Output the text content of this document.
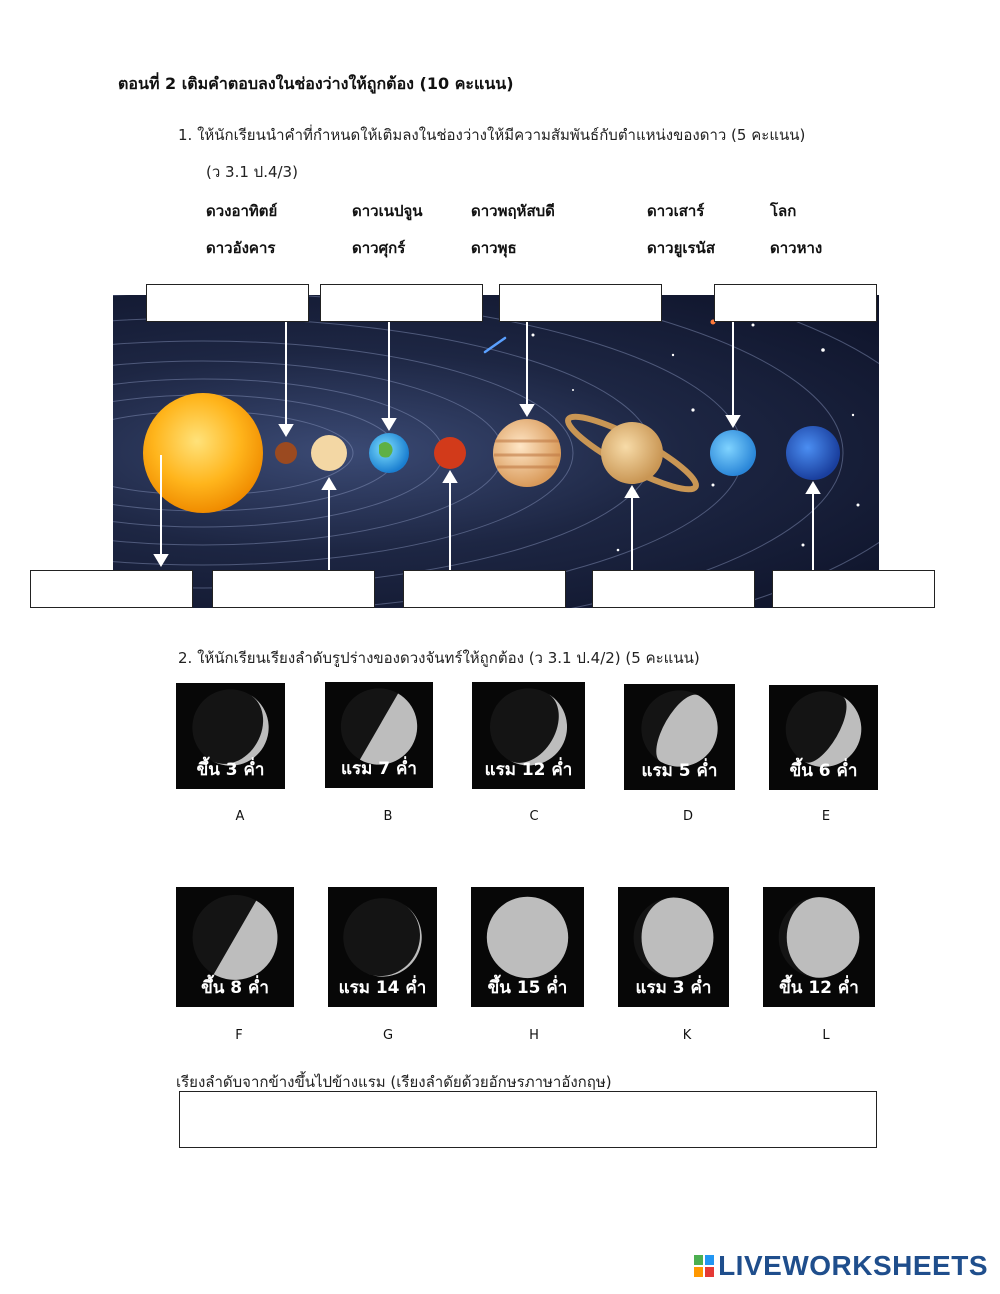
ตอนที่ 2 เติมคำตอบลงในช่องว่างให้ถูกต้อง (10 คะแนน)
1. ให้นักเรียนนำคำที่กำหนดให้เติมลงในช่องว่างให้มีความสัมพันธ์กับตำแหน่งของดาว (5 คะแนน)
(ว 3.1 ป.4/3)
ดวงอาทิตย์	ดาวเนปจูน	ดาวพฤหัสบดี	ดาวเสาร์	โลก
ดาวอังคาร	ดาวศุกร์	ดาวพุธ	ดาวยูเรนัส	ดาวหาง
2. ให้นักเรียนเรียงลำดับรูปร่างของดวงจันทร์ให้ถูกต้อง (ว 3.1 ป.4/2) (5 คะแนน)
ขึ้น 3 ค่ำ	แรม 7 ค่ำ	แรม 12 ค่ำ	แรม 5 ค่ำ	ขึ้น 6 ค่ำ
A	B	C	D	E
ขึ้น 8 ค่ำ	แรม 14 ค่ำ	ขึ้น 15 ค่ำ	แรม 3 ค่ำ	ขึ้น 12 ค่ำ
F	G	H	K	L
เรียงลำดับจากข้างขึ้นไปข้างแรม (เรียงลำดัยด้วยอักษรภาษาอังกฤษ)
LIVEWORKSHEETS
